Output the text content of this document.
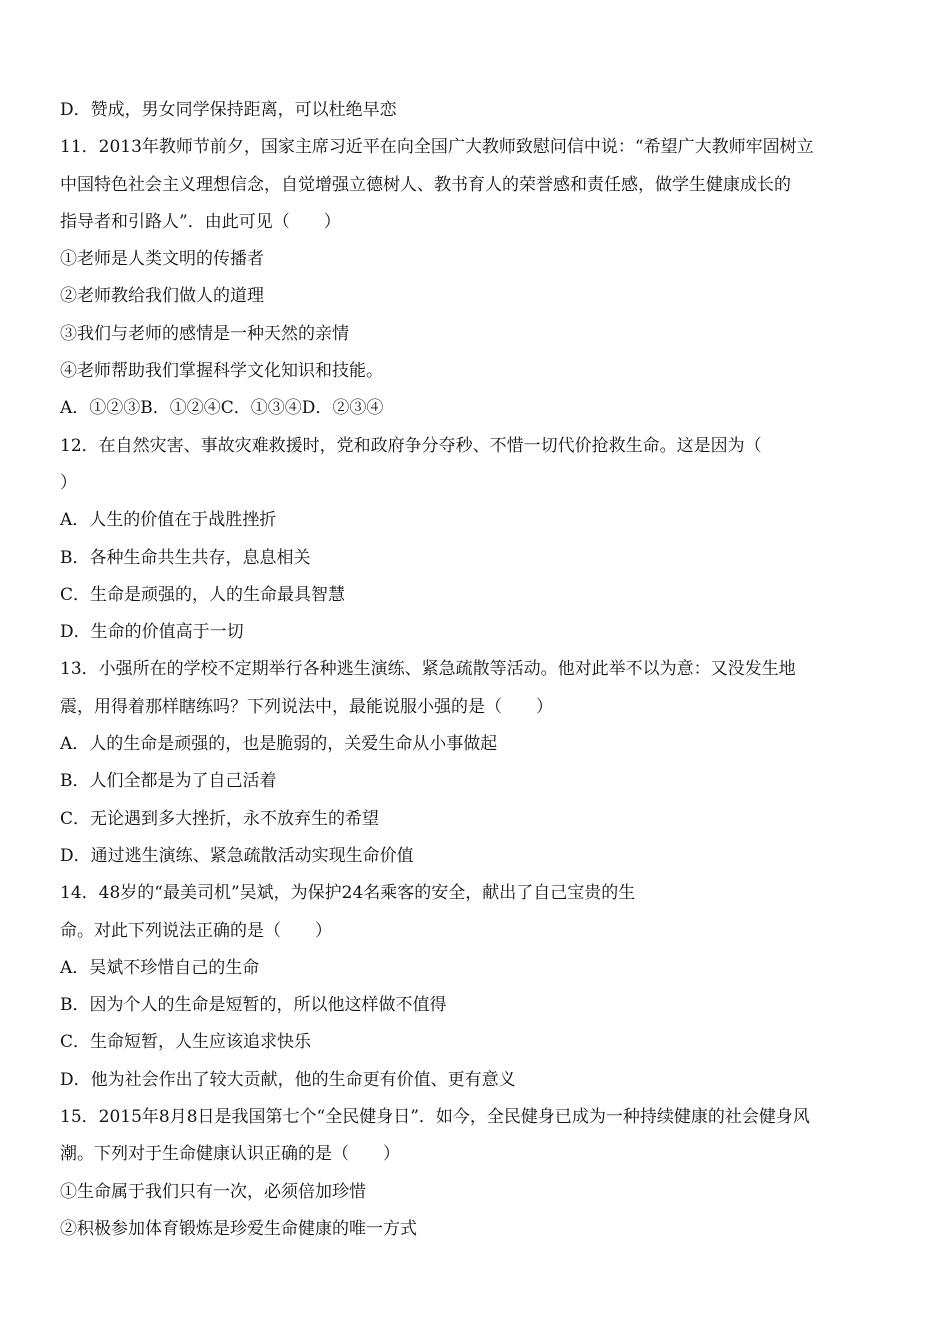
D．赞成，男女同学保持距离，可以杜绝早恋
11．2013年教师节前夕，国家主席习近平在向全国广大教师致慰问信中说：“希望广大教师牢固树立
中国特色社会主义理想信念，自觉增强立德树人、教书育人的荣誉感和责任感，做学生健康成长的
指导者和引路人”．由此可见（　　）
①老师是人类文明的传播者
②老师教给我们做人的道理
③我们与老师的感情是一种天然的亲情
④老师帮助我们掌握科学文化知识和技能。
A．①②③B．①②④C．①③④D．②③④
12．在自然灾害、事故灾难救援时，党和政府争分夺秒、不惜一切代价抢救生命。这是因为（
）
A．人生的价值在于战胜挫折
B．各种生命共生共存，息息相关
C．生命是顽强的，人的生命最具智慧
D．生命的价值高于一切
13．小强所在的学校不定期举行各种逃生演练、紧急疏散等活动。他对此举不以为意：又没发生地
震，用得着那样瞎练吗？下列说法中，最能说服小强的是（　　）
A．人的生命是顽强的，也是脆弱的，关爱生命从小事做起
B．人们全都是为了自己活着
C．无论遇到多大挫折，永不放弃生的希望
D．通过逃生演练、紧急疏散活动实现生命价值
14．48岁的“最美司机”吴斌，为保护24名乘客的安全，献出了自己宝贵的生
命。对此下列说法正确的是（　　）
A．吴斌不珍惜自己的生命
B．因为个人的生命是短暂的，所以他这样做不值得
C．生命短暂，人生应该追求快乐
D．他为社会作出了较大贡献，他的生命更有价值、更有意义
15．2015年8月8日是我国第七个“全民健身日”．如今，全民健身已成为一种持续健康的社会健身风
潮。下列对于生命健康认识正确的是（　　）
①生命属于我们只有一次，必须倍加珍惜
②积极参加体育锻炼是珍爱生命健康的唯一方式
